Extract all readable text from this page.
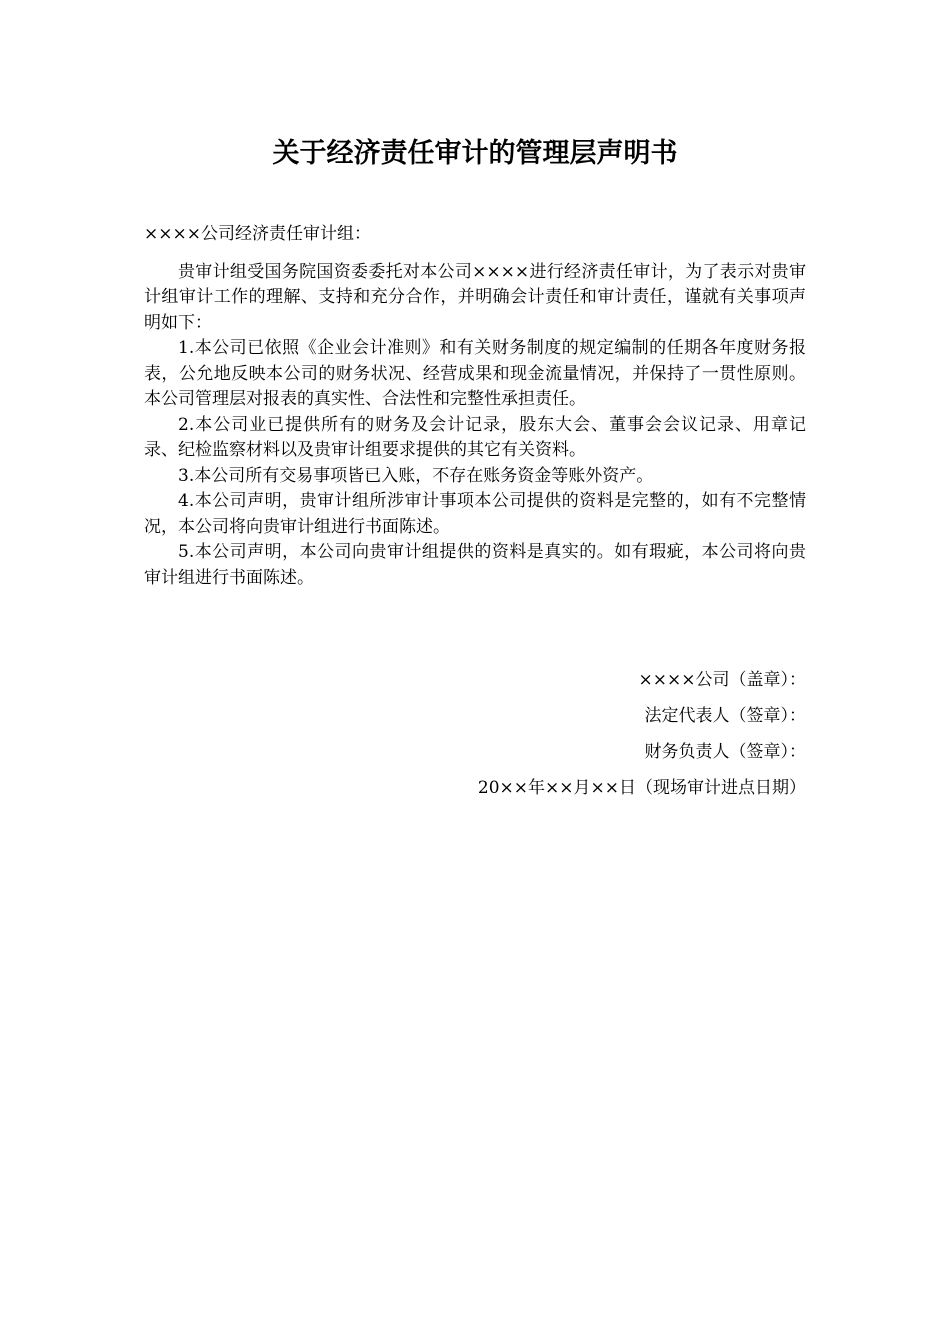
关于经济责任审计的管理层声明书

××××公司经济责任审计组：

贵审计组受国务院国资委委托对本公司××××进行经济责任审计，为了表示对贵审计组审计工作的理解、支持和充分合作，并明确会计责任和审计责任，谨就有关事项声明如下：

1.本公司已依照《企业会计准则》和有关财务制度的规定编制的任期各年度财务报表，公允地反映本公司的财务状况、经营成果和现金流量情况，并保持了一贯性原则。本公司管理层对报表的真实性、合法性和完整性承担责任。

2.本公司业已提供所有的财务及会计记录，股东大会、董事会会议记录、用章记录、纪检监察材料以及贵审计组要求提供的其它有关资料。

3.本公司所有交易事项皆已入账，不存在账务资金等账外资产。

4.本公司声明，贵审计组所涉审计事项本公司提供的资料是完整的，如有不完整情况，本公司将向贵审计组进行书面陈述。

5.本公司声明，本公司向贵审计组提供的资料是真实的。如有瑕疵，本公司将向贵审计组进行书面陈述。

××××公司（盖章）：

法定代表人（签章）：

财务负责人（签章）：

20××年××月××日（现场审计进点日期）
